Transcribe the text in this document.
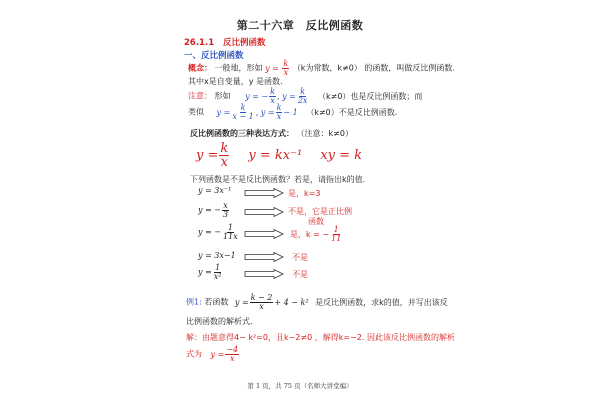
第二十六章　反比例函数
26.1.1 反比例函数
一、反比例函数
概念： 一般地，形如 $y = \frac{k}{x} (k$为常数，k≠0） 的函数，叫做反比例函数.
其中x是自变量，y 是函数.
注意： 形如 y = − $\frac{k}{x}$ , $y = \frac{k}{2x} (k\ne 0)$也是反比例函数；而
类似 $y = \frac{k}{x - 1}$ , $y = \frac{k}{x} - 1$ （k≠0）不是反比例函数.
反比例函数的三种表达方式： （注意：k≠0）
$y = \frac{k}{x}$ y = kx⁻¹ xy = k
下列函数是不是反比例函数？若是，请指出k的值.
y = 3x⁻¹	是，k=3
y = − $\frac{x}{3}$	不是，它是正比例
函数
y = − $\frac{1}{11x}$	是，k = − $\frac{1}{11}$
y = 3x−1	不是
$y = \frac{1}{\text{x²}}$	不是
例1: 若函数 $y = \frac{k - 2}{x} + 4 - k^2$ 是反比例函数，求k的值，并写出该反
比例函数的解析式.
解：由题意得4− k²=0，且k−2≠0 ，解得k=−2. 因此该反比例函数的解析
式为 $y = \frac{-4}{x}$
第 1 页，共 75 页（名师大讲堂编）
